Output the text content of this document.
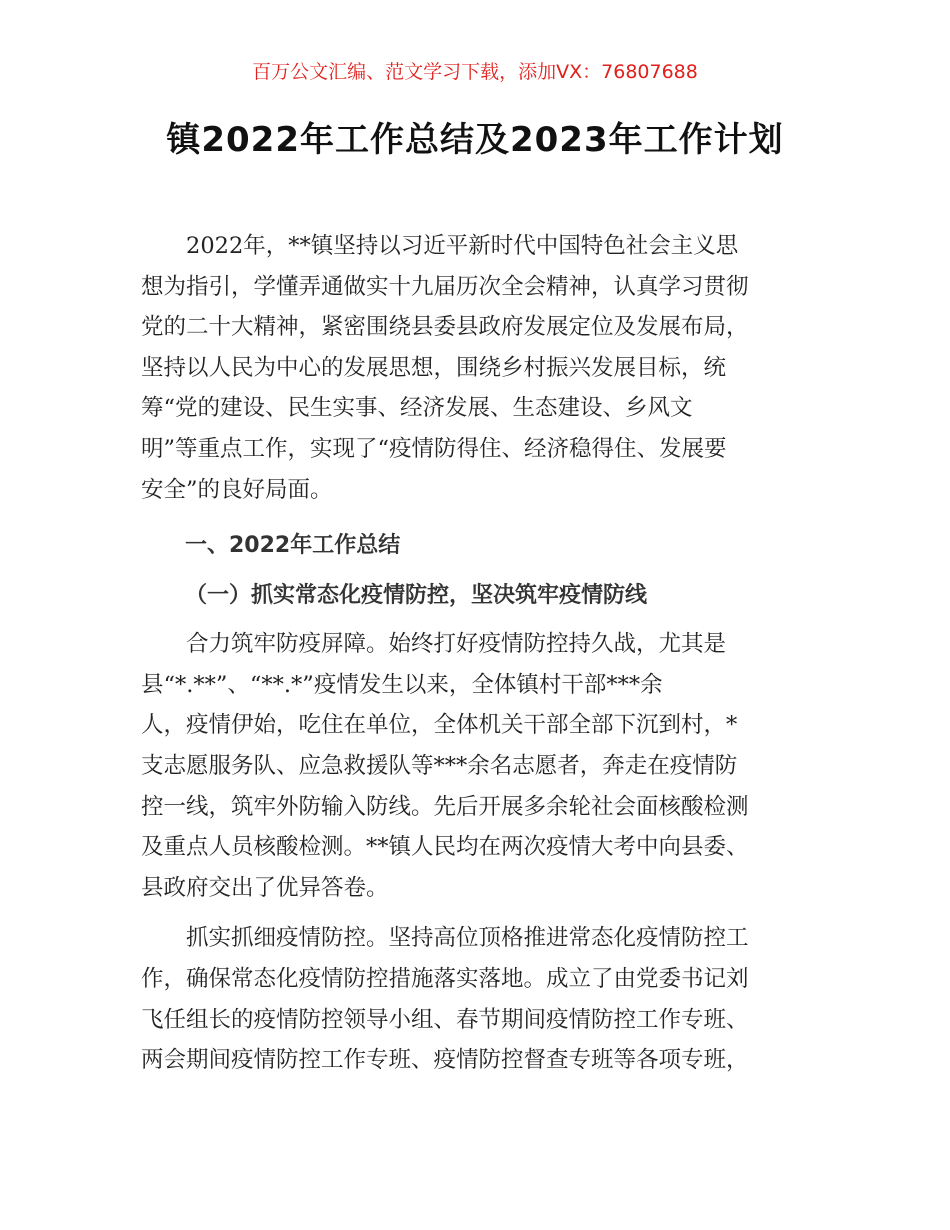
百万公文汇编、范文学习下载，添加VX：76807688
镇2022年工作总结及2023年工作计划
2022年，**镇坚持以习近平新时代中国特色社会主义思
想为指引，学懂弄通做实十九届历次全会精神，认真学习贯彻
党的二十大精神，紧密围绕县委县政府发展定位及发展布局，
坚持以人民为中心的发展思想，围绕乡村振兴发展目标，统
筹“党的建设、民生实事、经济发展、生态建设、乡风文
明”等重点工作，实现了“疫情防得住、经济稳得住、发展要
安全”的良好局面。
一、2022年工作总结
（一）抓实常态化疫情防控，坚决筑牢疫情防线
合力筑牢防疫屏障。始终打好疫情防控持久战，尤其是
县“*.**”、“**.*”疫情发生以来，全体镇村干部***余
人，疫情伊始，吃住在单位，全体机关干部全部下沉到村，*
支志愿服务队、应急救援队等***余名志愿者，奔走在疫情防
控一线，筑牢外防输入防线。先后开展多余轮社会面核酸检测
及重点人员核酸检测。**镇人民均在两次疫情大考中向县委、
县政府交出了优异答卷。
抓实抓细疫情防控。坚持高位顶格推进常态化疫情防控工
作，确保常态化疫情防控措施落实落地。成立了由党委书记刘
飞任组长的疫情防控领导小组、春节期间疫情防控工作专班、
两会期间疫情防控工作专班、疫情防控督查专班等各项专班，
